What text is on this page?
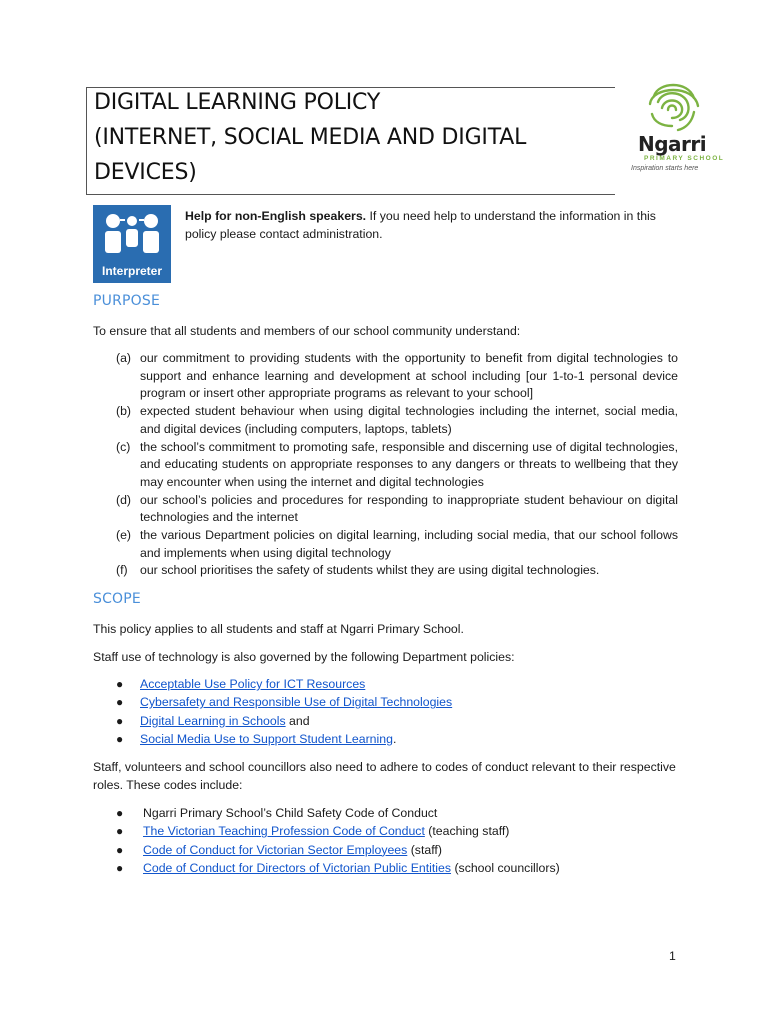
DIGITAL LEARNING POLICY
(INTERNET, SOCIAL MEDIA AND DIGITAL
DEVICES)
Ngarri
PRIMARY SCHOOL
Inspiration starts here
Interpreter
Help for non-English speakers. If you need help to understand the information in this policy please contact administration.
PURPOSE
To ensure that all students and members of our school community understand:
(a) our commitment to providing students with the opportunity to benefit from digital technologies to support and enhance learning and development at school including [our 1-to-1 personal device program or insert other appropriate programs as relevant to your school]
(b) expected student behaviour when using digital technologies including the internet, social media, and digital devices (including computers, laptops, tablets)
(c) the school’s commitment to promoting safe, responsible and discerning use of digital technologies, and educating students on appropriate responses to any dangers or threats to wellbeing that they may encounter when using the internet and digital technologies
(d) our school’s policies and procedures for responding to inappropriate student behaviour on digital technologies and the internet
(e) the various Department policies on digital learning, including social media, that our school follows and implements when using digital technology
(f) our school prioritises the safety of students whilst they are using digital technologies.
SCOPE
This policy applies to all students and staff at Ngarri Primary School.
Staff use of technology is also governed by the following Department policies:
● Acceptable Use Policy for ICT Resources
● Cybersafety and Responsible Use of Digital Technologies
● Digital Learning in Schools and
● Social Media Use to Support Student Learning.
Staff, volunteers and school councillors also need to adhere to codes of conduct relevant to their respective roles. These codes include:
● Ngarri Primary School’s Child Safety Code of Conduct
● The Victorian Teaching Profession Code of Conduct (teaching staff)
● Code of Conduct for Victorian Sector Employees (staff)
● Code of Conduct for Directors of Victorian Public Entities (school councillors)
1
